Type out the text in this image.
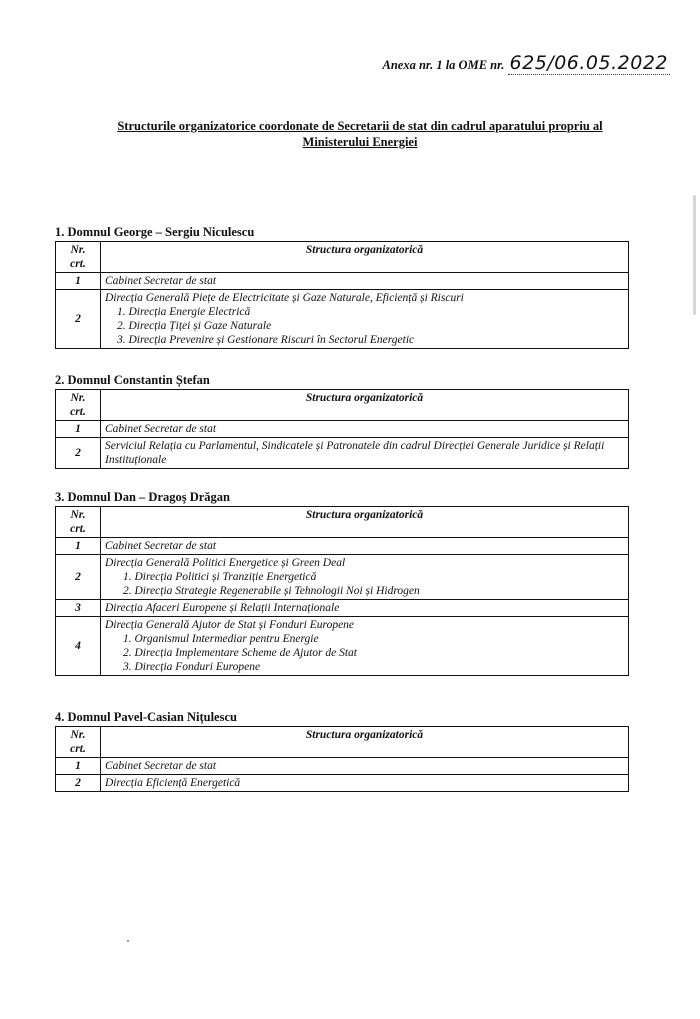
Anexa nr. 1 la OME nr. 625/06.05.2022
Structurile organizatorice coordonate de Secretarii de stat din cadrul aparatului propriu al
Ministerului Energiei
1. Domnul George – Sergiu Niculescu
Nr.
crt.	Structura organizatorică
1	Cabinet Secretar de stat

2	Direcția Generală Piețe de Electricitate și Gaze Naturale, Eficiență și Riscuri
1. Direcția Energie Electrică
2. Direcția Țiței și Gaze Naturale
3. Direcția Prevenire și Gestionare Riscuri în Sectorul Energetic
2. Domnul Constantin Ștefan
Nr.
crt.	Structura organizatorică
1	Cabinet Secretar de stat

2	Serviciul Relația cu Parlamentul, Sindicatele și Patronatele din cadrul Direcției Generale Juridice și Relații Instituționale
3. Domnul Dan – Dragoş Drăgan
Nr.
crt.	Structura organizatorică
1	Cabinet Secretar de stat

2	Direcția Generală Politici Energetice și Green Deal
1. Direcția Politici și Tranziție Energetică
2. Direcția Strategie Regenerabile și Tehnologii Noi și Hidrogen

3	Direcția Afaceri Europene și Relații Internaționale

4	Direcția Generală Ajutor de Stat și Fonduri Europene
1. Organismul Intermediar pentru Energie
2. Direcția Implementare Scheme de Ajutor de Stat
3. Direcția Fonduri Europene
4. Domnul Pavel-Casian Nițulescu
Nr.
crt.	Structura organizatorică
1	Cabinet Secretar de stat

2	Direcția Eficiență Energetică
